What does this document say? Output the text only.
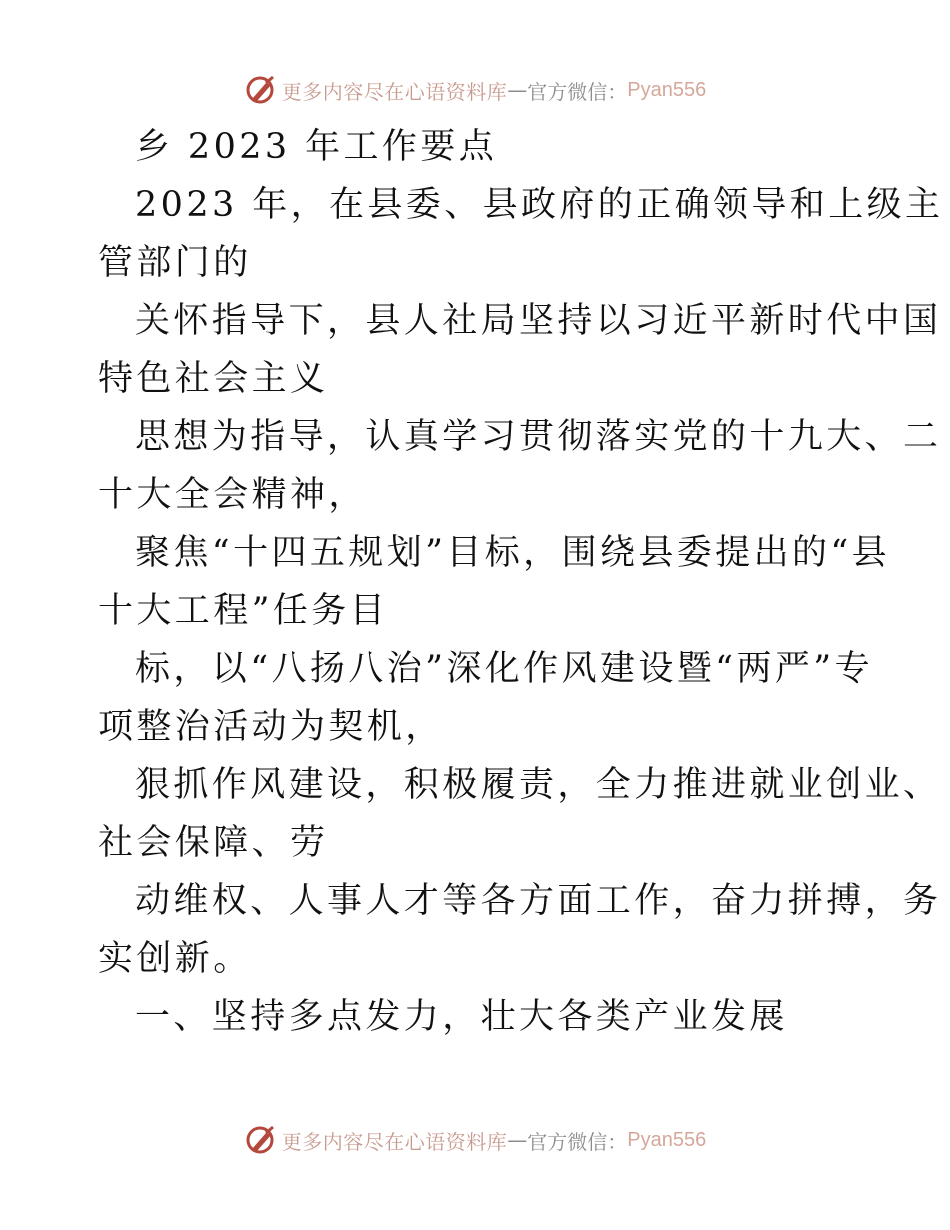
更多内容尽在心语资料库 — 官方微信： Pyan556

乡 2023 年工作要点

2023 年，在县委、县政府的正确领导和上级主

管部门的

关怀指导下，县人社局坚持以习近平新时代中国

特色社会主义

思想为指导，认真学习贯彻落实党的十九大、二

十大全会精神，

聚焦“十四五规划”目标，围绕县委提出的“县

十大工程”任务目

标，以“八扬八治”深化作风建设暨“两严”专

项整治活动为契机，

狠抓作风建设，积极履责，全力推进就业创业、

社会保障、劳

动维权、人事人才等各方面工作，奋力拼搏，务

实创新。

一、坚持多点发力，壮大各类产业发展

更多内容尽在心语资料库 — 官方微信： Pyan556
